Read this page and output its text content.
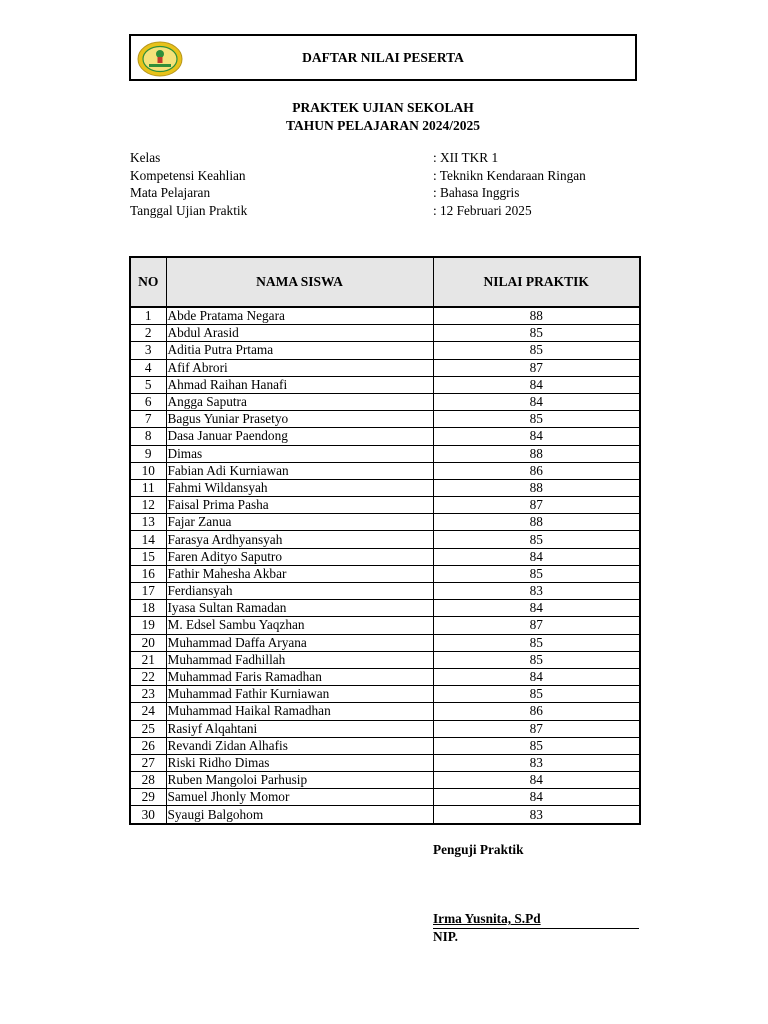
DAFTAR NILAI PESERTA
PRAKTEK UJIAN SEKOLAH
TAHUN PELAJARAN 2024/2025
Kelas	: XII TKR 1
Kompetensi Keahlian	: Teknikn Kendaraan Ringan
Mata Pelajaran	: Bahasa Inggris
Tanggal Ujian Praktik	: 12 Februari 2025
NO	NAMA SISWA	NILAI PRAKTIK
1	Abde Pratama Negara	88
2	Abdul Arasid	85
3	Aditia Putra Prtama	85
4	Afif Abrori	87
5	Ahmad Raihan Hanafi	84
6	Angga Saputra	84
7	Bagus Yuniar Prasetyo	85
8	Dasa Januar Paendong	84
9	Dimas	88
10	Fabian Adi Kurniawan	86
11	Fahmi Wildansyah	88
12	Faisal Prima Pasha	87
13	Fajar Zanua	88
14	Farasya Ardhyansyah	85
15	Faren Adityo Saputro	84
16	Fathir Mahesha Akbar	85
17	Ferdiansyah	83
18	Iyasa Sultan Ramadan	84
19	M. Edsel Sambu Yaqzhan	87
20	Muhammad Daffa Aryana	85
21	Muhammad Fadhillah	85
22	Muhammad Faris Ramadhan	84
23	Muhammad Fathir Kurniawan	85
24	Muhammad Haikal Ramadhan	86
25	Rasiyf Alqahtani	87
26	Revandi Zidan Alhafis	85
27	Riski Ridho Dimas	83
28	Ruben Mangoloi Parhusip	84
29	Samuel Jhonly Momor	84
30	Syaugi Balgohom	83
Penguji Praktik
Irma Yusnita, S.Pd
NIP.
